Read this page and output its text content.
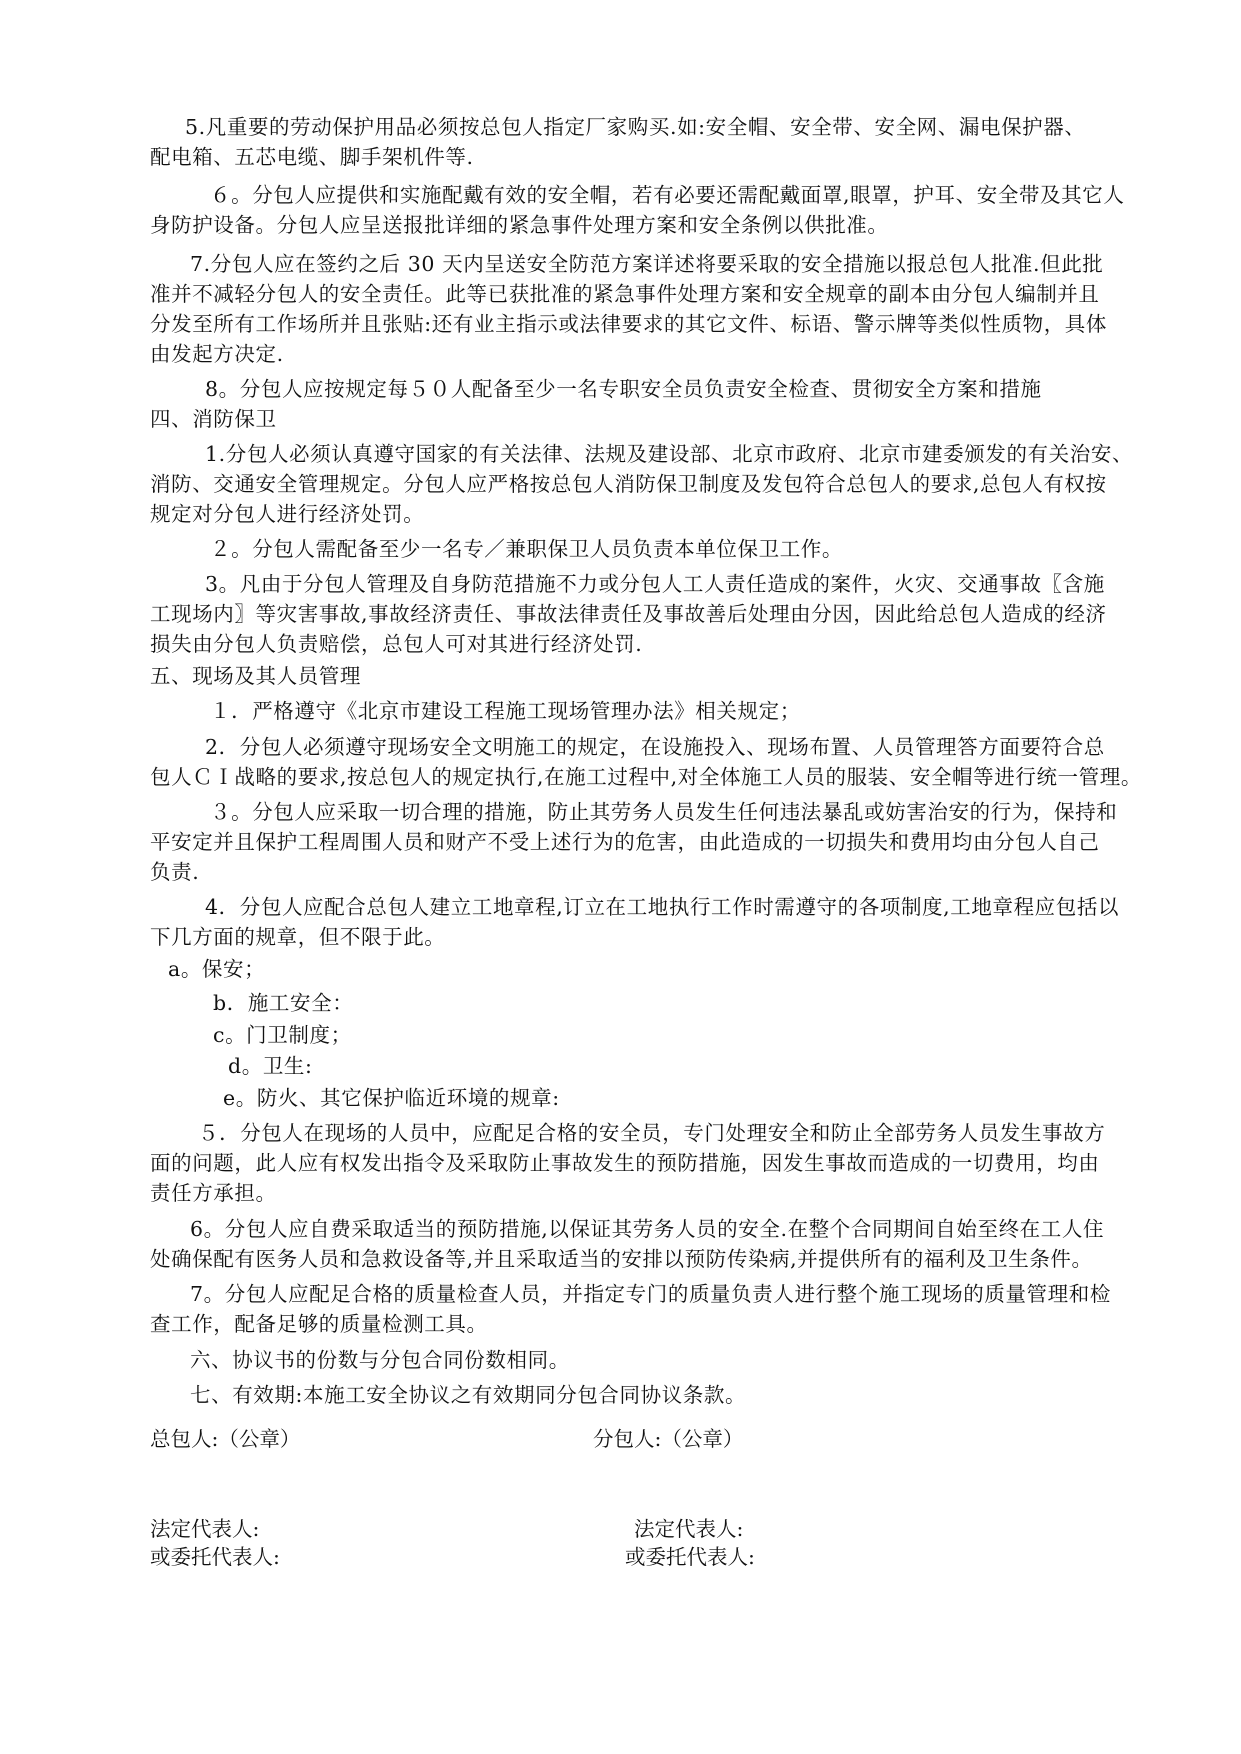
5.凡重要的劳动保护用品必须按总包人指定厂家购买.如:安全帽、安全带、安全网、漏电保护器、
配电箱、五芯电缆、脚手架机件等.
６。分包人应提供和实施配戴有效的安全帽，若有必要还需配戴面罩,眼罩，护耳、安全带及其它人
身防护设备。分包人应呈送报批详细的紧急事件处理方案和安全条例以供批准。
7.分包人应在签约之后 30 天内呈送安全防范方案详述将要采取的安全措施以报总包人批准.但此批
准并不减轻分包人的安全责任。此等已获批准的紧急事件处理方案和安全规章的副本由分包人编制并且
分发至所有工作场所并且张贴:还有业主指示或法律要求的其它文件、标语、警示牌等类似性质物，具体
由发起方决定.
8。分包人应按规定每５０人配备至少一名专职安全员负责安全检查、贯彻安全方案和措施
四、消防保卫
1.分包人必须认真遵守国家的有关法律、法规及建设部、北京市政府、北京市建委颁发的有关治安、
消防、交通安全管理规定。分包人应严格按总包人消防保卫制度及发包符合总包人的要求,总包人有权按
规定对分包人进行经济处罚。
２。分包人需配备至少一名专／兼职保卫人员负责本单位保卫工作。
3。凡由于分包人管理及自身防范措施不力或分包人工人责任造成的案件，火灾、交通事故〖含施
工现场内〗等灾害事故,事故经济责任、事故法律责任及事故善后处理由分因，因此给总包人造成的经济
损失由分包人负责赔偿，总包人可对其进行经济处罚.
五、现场及其人员管理
１．严格遵守《北京市建设工程施工现场管理办法》相关规定；
2．分包人必须遵守现场安全文明施工的规定，在设施投入、现场布置、人员管理答方面要符合总
包人ＣＩ战略的要求,按总包人的规定执行,在施工过程中,对全体施工人员的服装、安全帽等进行统一管理。
３。分包人应采取一切合理的措施，防止其劳务人员发生任何违法暴乱或妨害治安的行为，保持和
平安定并且保护工程周围人员和财产不受上述行为的危害，由此造成的一切损失和费用均由分包人自己
负责.
4．分包人应配合总包人建立工地章程,订立在工地执行工作时需遵守的各项制度,工地章程应包括以
下几方面的规章，但不限于此。
a。保安；
b．施工安全：
c。门卫制度；
d。卫生:
e。防火、其它保护临近环境的规章:
５．分包人在现场的人员中，应配足合格的安全员，专门处理安全和防止全部劳务人员发生事故方
面的问题，此人应有权发出指令及采取防止事故发生的预防措施，因发生事故而造成的一切费用，均由
责任方承担。
6。分包人应自费采取适当的预防措施,以保证其劳务人员的安全.在整个合同期间自始至终在工人住
处确保配有医务人员和急救设备等,并且采取适当的安排以预防传染病,并提供所有的福利及卫生条件。
7。分包人应配足合格的质量检查人员，并指定专门的质量负责人进行整个施工现场的质量管理和检
查工作，配备足够的质量检测工具。
六、协议书的份数与分包合同份数相同。
七、有效期:本施工安全协议之有效期同分包合同协议条款。
总包人:（公章）	分包人:（公章）
法定代表人:	法定代表人:
或委托代表人:	或委托代表人:
